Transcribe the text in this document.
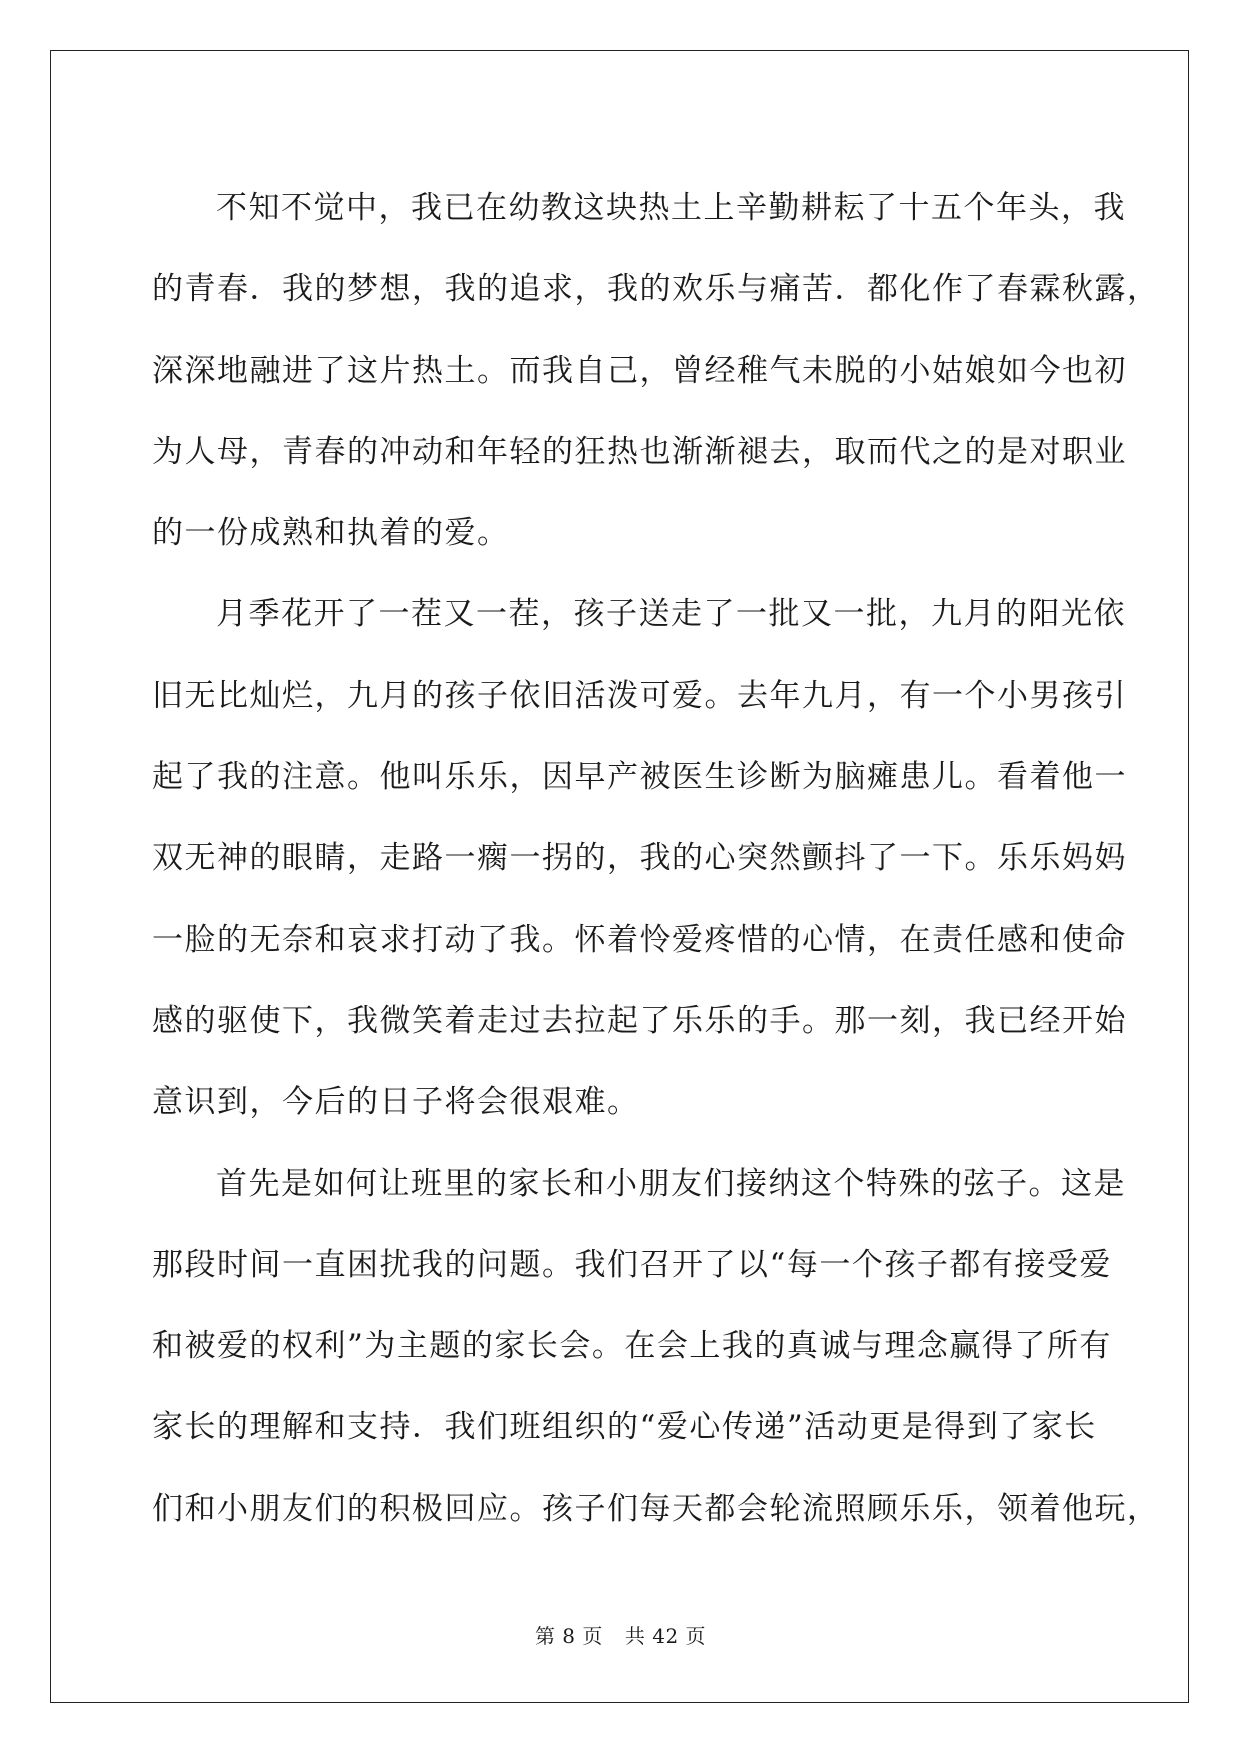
不知不觉中，我已在幼教这块热土上辛勤耕耘了十五个年头，我
的青春．我的梦想，我的追求，我的欢乐与痛苦．都化作了春霖秋露，
深深地融进了这片热土。而我自己，曾经稚气未脱的小姑娘如今也初
为人母，青春的冲动和年轻的狂热也渐渐褪去，取而代之的是对职业
的一份成熟和执着的爱。

月季花开了一茬又一茬，孩子送走了一批又一批，九月的阳光依
旧无比灿烂，九月的孩子依旧活泼可爱。去年九月，有一个小男孩引
起了我的注意。他叫乐乐，因早产被医生诊断为脑瘫患儿。看着他一
双无神的眼睛，走路一瘸一拐的，我的心突然颤抖了一下。乐乐妈妈
一脸的无奈和哀求打动了我。怀着怜爱疼惜的心情，在责任感和使命
感的驱使下，我微笑着走过去拉起了乐乐的手。那一刻，我已经开始
意识到，今后的日子将会很艰难。

首先是如何让班里的家长和小朋友们接纳这个特殊的弦子。这是
那段时间一直困扰我的问题。我们召开了以“每一个孩子都有接受爱
和被爱的权利”为主题的家长会。在会上我的真诚与理念赢得了所有
家长的理解和支持．我们班组织的“爱心传递”活动更是得到了家长
们和小朋友们的积极回应。孩子们每天都会轮流照顾乐乐，领着他玩，

第 8 页 共 42 页
